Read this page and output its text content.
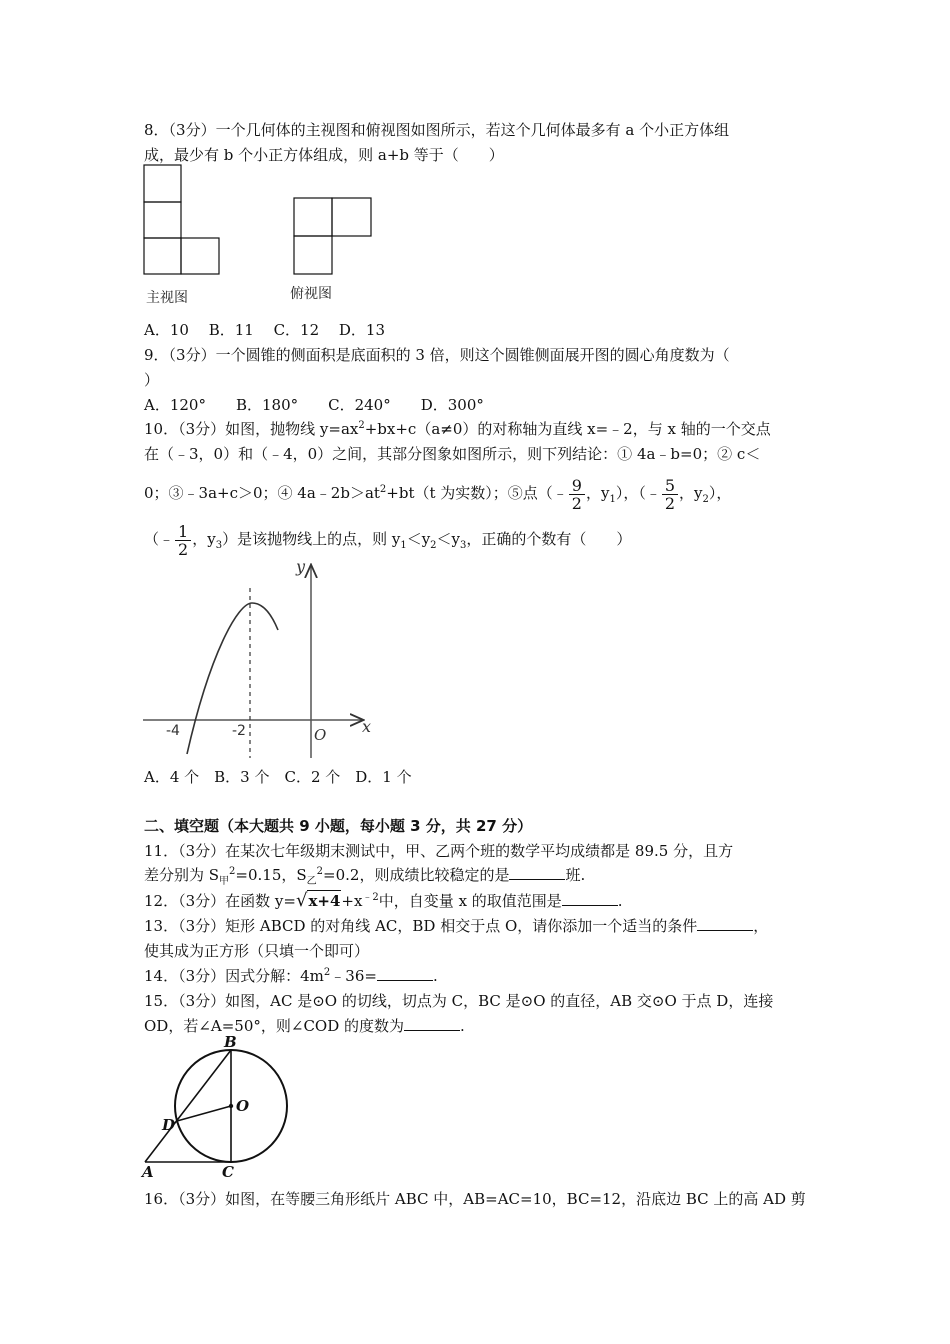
8．（3分）一个几何体的主视图和俯视图如图所示，若这个几何体最多有 a 个小正方体组
成，最少有 b 个小正方体组成，则 a+b 等于（　　）
主视图	俯视图
A．10　 B．11　 C．12　 D．13
9．（3分）一个圆锥的侧面积是底面积的 3 倍，则这个圆锥侧面展开图的圆心角度数为（
）
A．120°　　B．180°　　C．240°　　D．300°
10．（3分）如图，抛物线 $y=ax^2+bx+c(a\ne 0)$的对称轴为直线 x=﹣2，与 x 轴的一个交点
在（﹣3，0）和（﹣4，0）之间，其部分图象如图所示，则下列结论：① 4a﹣b=0；② c＜
0；③﹣3a+c＞0；④ $4a﹣2b>at^2+bt(t$ 为实数）；⑤点（﹣ $\frac{9}{2}$ ，$y_1$），（﹣ $\frac{5}{2}$ ，$y_2$），
（﹣ $\frac{1}{2}$ ，$y_3$）是该抛物线上的点，则 $y_1<y_2<y_3$，正确的个数有（　　）
y
x
O
-4	-2
A．4 个　B．3 个　C．2 个　D．1 个
二、填空题（本大题共 9 小题，每小题 3 分，共 27 分）
11．（3分）在某次七年级期末测试中，甲、乙两个班的数学平均成绩都是 89.5 分，且方
差分别为 $S_甲^2=0.15$，$S_乙^2=0.2$，则成绩比较稳定的是	班.
12．（3分）在函数 $y=√x+4+x^{﹣2}$中，自变量 x 的取值范围是	.
13．（3分）矩形 ABCD 的对角线 AC，BD 相交于点 O，请你添加一个适当的条件	，
使其成为正方形（只填一个即可）
14．（3分）因式分解：$4m^2﹣36=$	.
15．（3分）如图，AC 是⊙O 的切线，切点为 C，BC 是⊙O 的直径，AB 交⊙O 于点 D，连接
OD，若∠A=50°，则∠COD 的度数为	.
B
O
D
A	C
16．（3分）如图，在等腰三角形纸片 ABC 中，AB=AC=10，BC=12，沿底边 BC 上的高 AD 剪
